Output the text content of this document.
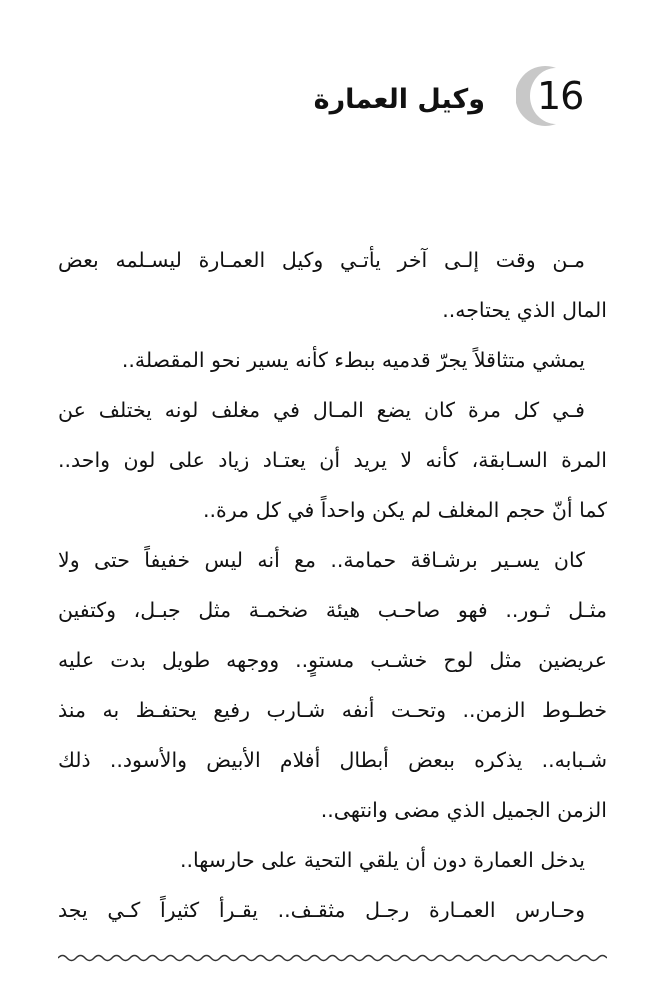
16
وكيل العمارة
مـن وقت إلـى آخر يأتـي وكيل العمـارة ليسـلمه بعض
المال الذي يحتاجه..
يمشي متثاقلاً يجرّ قدميه ببطء كأنه يسير نحو المقصلة..
فـي كل مرة كان يضع المـال في مغلف لونه يختلف عن
المرة السـابقة، كأنه لا يريد أن يعتـاد زياد على لون واحد..
كما أنّ حجم المغلف لم يكن واحداً في كل مرة..
كان يسـير برشـاقة حمامة.. مع أنه ليس خفيفاً حتى ولا
مثـل ثـور.. فهو صاحـب هيئة ضخمـة مثل جبـل، وكتفين
عريضين مثل لوح خشـب مستوٍ.. ووجهه طويل بدت عليه
خطـوط الزمن.. وتحـت أنفه شـارب رفيع يحتفـظ به منذ
شـبابه.. يذكره ببعض أبطال أفلام الأبيض والأسود.. ذلك
الزمن الجميل الذي مضى وانتهى..
يدخل العمارة دون أن يلقي التحية على حارسها..
وحـارس العمـارة رجـل مثقـف.. يقـرأ كثيراً كـي يجد
